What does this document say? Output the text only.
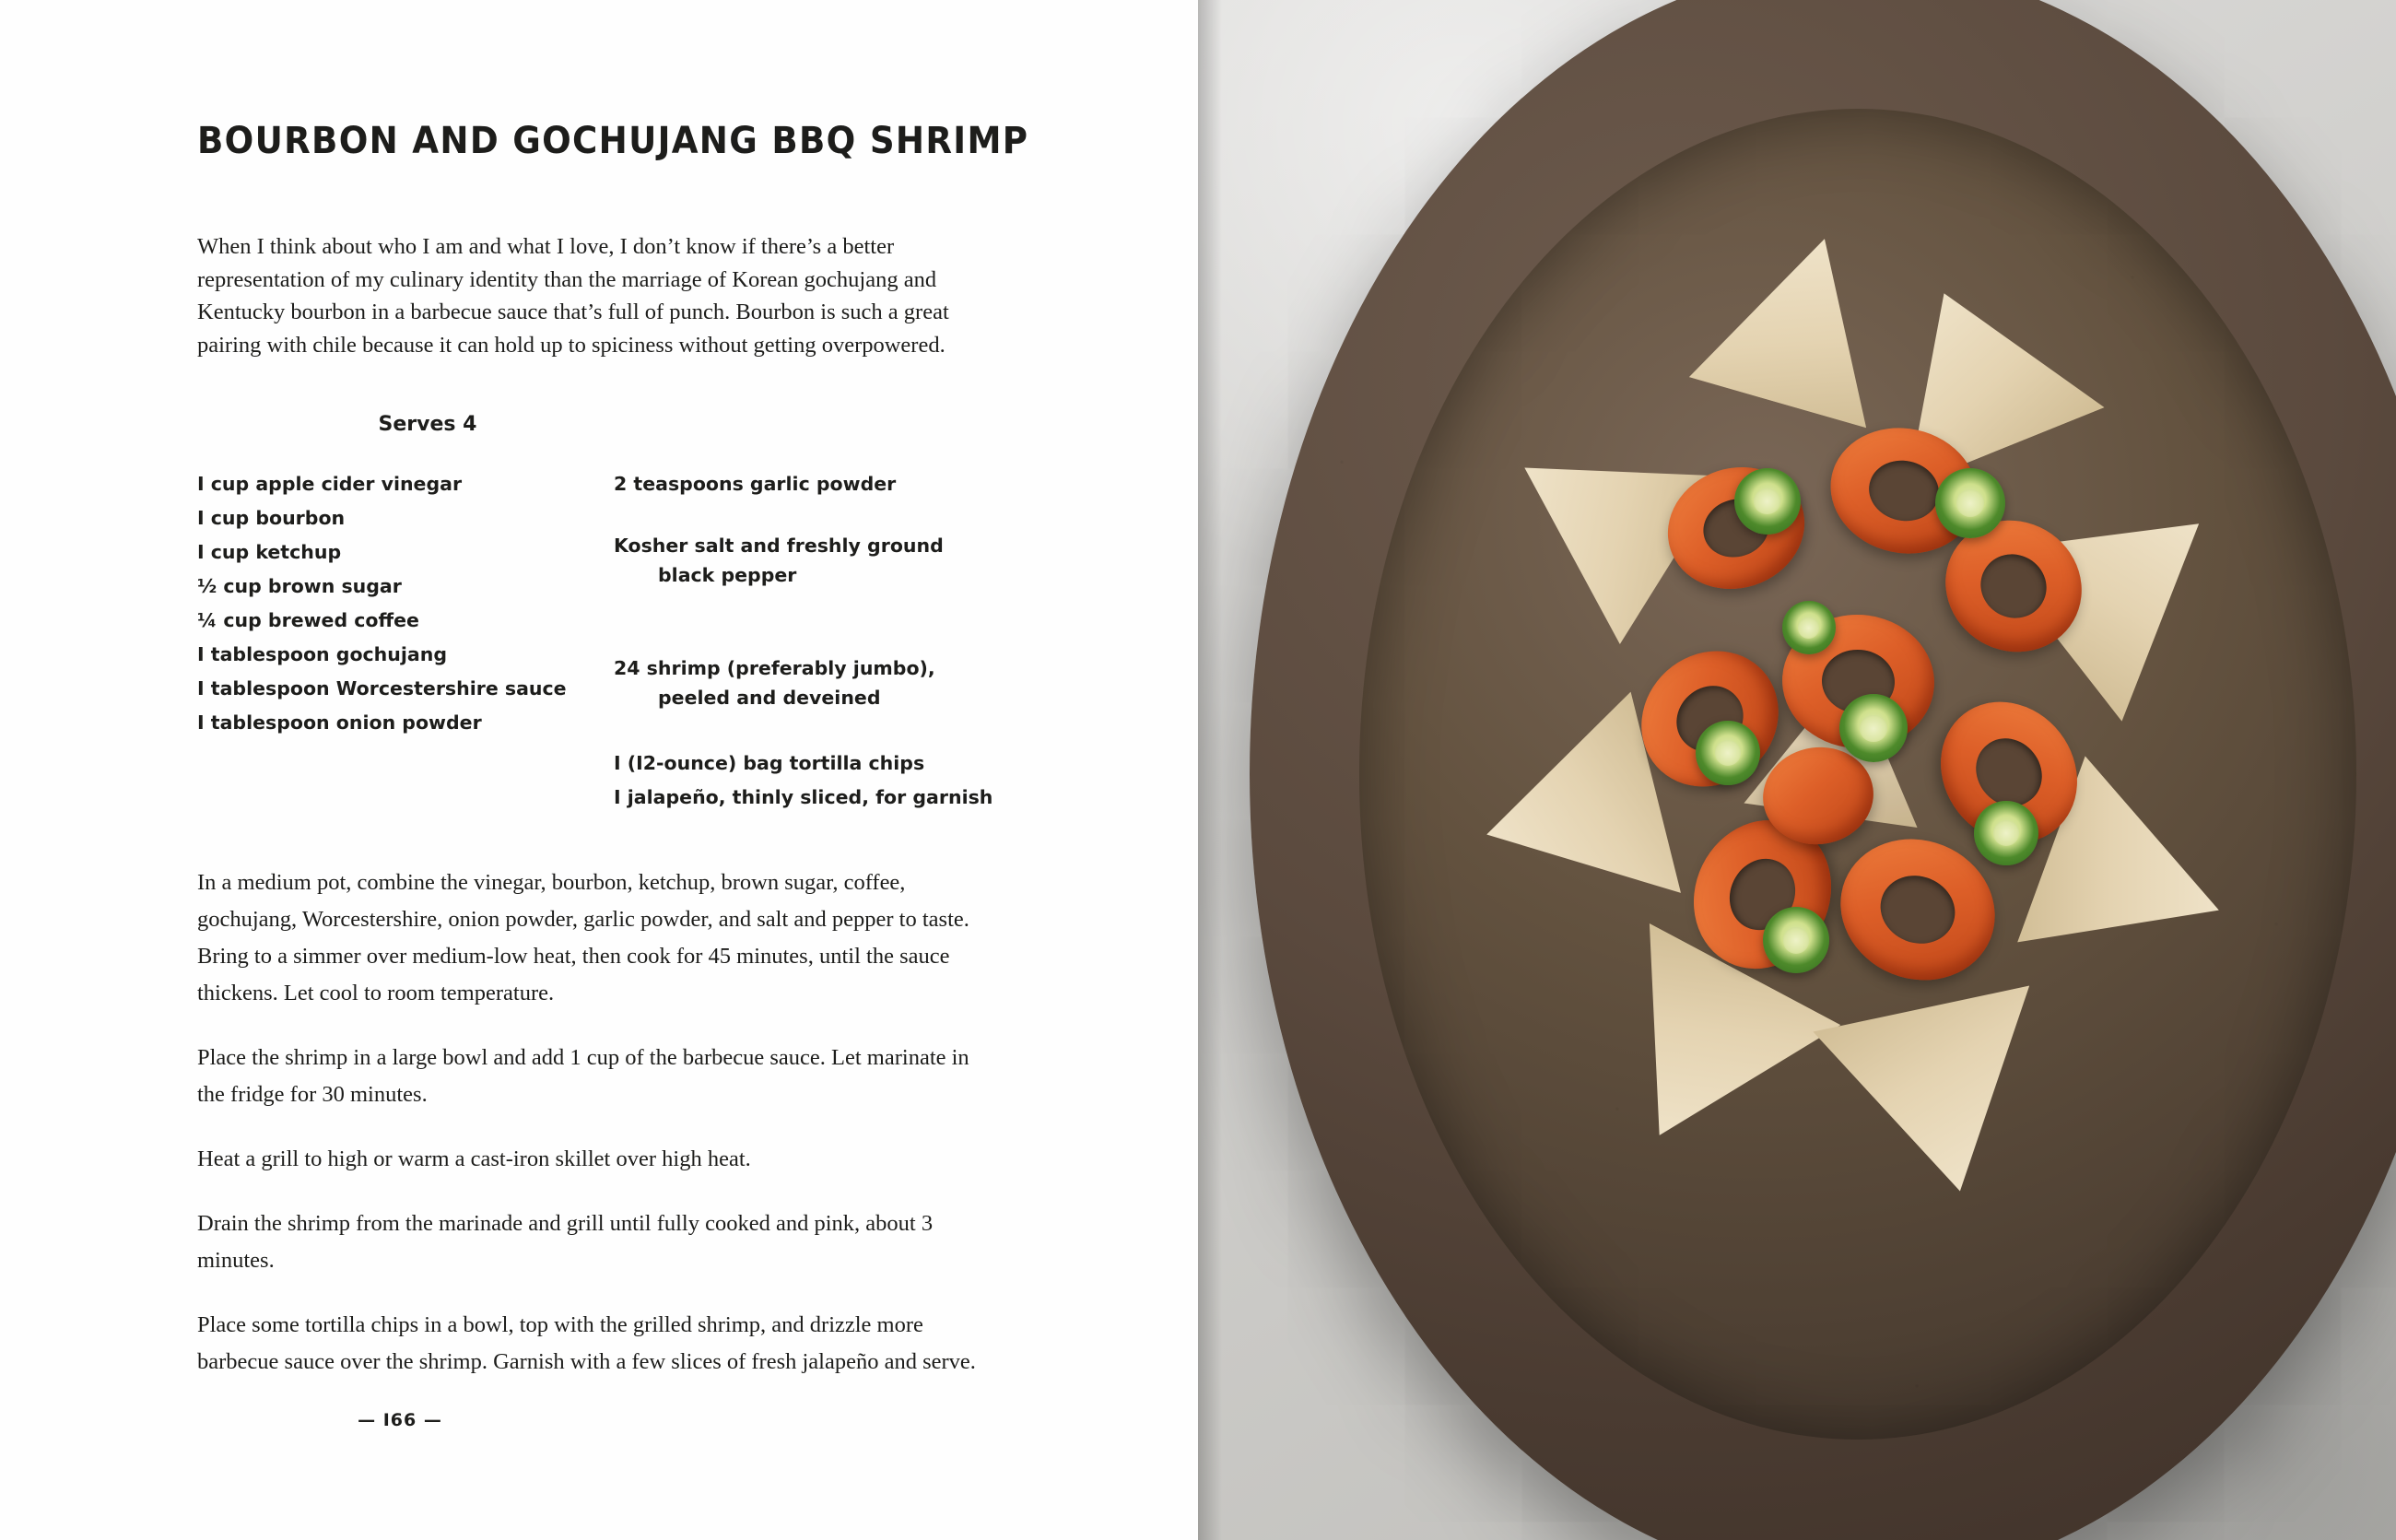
BOURBON AND GOCHUJANG BBQ SHRIMP

When I think about who I am and what I love, I don’t know if there’s a better representation of my culinary identity than the marriage of Korean gochujang and Kentucky bourbon in a barbecue sauce that’s full of punch. Bourbon is such a great pairing with chile because it can hold up to spiciness without getting overpowered.

Serves 4
I cup apple cider vinegar
I cup bourbon
I cup ketchup
½ cup brown sugar
¼ cup brewed coffee
I tablespoon gochujang
I tablespoon Worcestershire sauce
I tablespoon onion powder
2 teaspoons garlic powder

Kosher salt and freshly ground

black pepper

24 shrimp (preferably jumbo),

peeled and deveined

I (I2-ounce) bag tortilla chips
I jalapeño, thinly sliced, for garnish

In a medium pot, combine the vinegar, bourbon, ketchup, brown sugar, coffee, gochujang, Worcestershire, onion powder, garlic powder, and salt and pepper to taste. Bring to a simmer over medium-low heat, then cook for 45 minutes, until the sauce thickens. Let cool to room temperature.

Place the shrimp in a large bowl and add 1 cup of the barbecue sauce. Let marinate in the fridge for 30 minutes.

Heat a grill to high or warm a cast-iron skillet over high heat.

Drain the shrimp from the marinade and grill until fully cooked and pink, about 3 minutes.

Place some tortilla chips in a bowl, top with the grilled shrimp, and drizzle more barbecue sauce over the shrimp. Garnish with a few slices of fresh jalapeño and serve.

— I66 —
